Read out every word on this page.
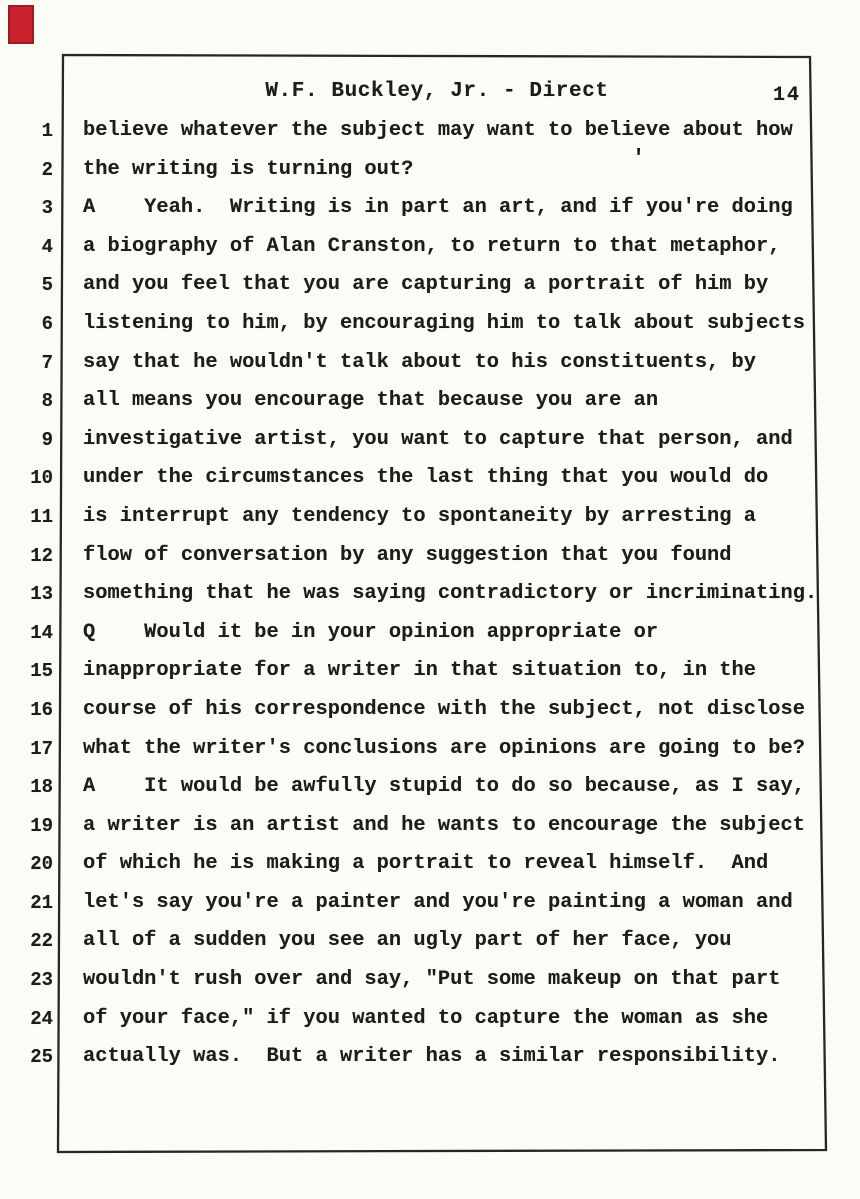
W.F. Buckley, Jr. - Direct	14
1 believe whatever the subject may want to believe about how
2 the writing is turning out?
3 A    Yeah.  Writing is in part an art, and if you're doing
4 a biography of Alan Cranston, to return to that metaphor,
5 and you feel that you are capturing a portrait of him by
6 listening to him, by encouraging him to talk about subjects
7 say that he wouldn't talk about to his constituents, by
8 all means you encourage that because you are an
9 investigative artist, you want to capture that person, and
10 under the circumstances the last thing that you would do
11 is interrupt any tendency to spontaneity by arresting a
12 flow of conversation by any suggestion that you found
13 something that he was saying contradictory or incriminating.
14 Q    Would it be in your opinion appropriate or
15 inappropriate for a writer in that situation to, in the
16 course of his correspondence with the subject, not disclose
17 what the writer's conclusions are opinions are going to be?
18 A    It would be awfully stupid to do so because, as I say,
19 a writer is an artist and he wants to encourage the subject
20 of which he is making a portrait to reveal himself.  And
21 let's say you're a painter and you're painting a woman and
22 all of a sudden you see an ugly part of her face, you
23 wouldn't rush over and say, "Put some makeup on that part
24 of your face," if you wanted to capture the woman as she
25 actually was.  But a writer has a similar responsibility.
'
